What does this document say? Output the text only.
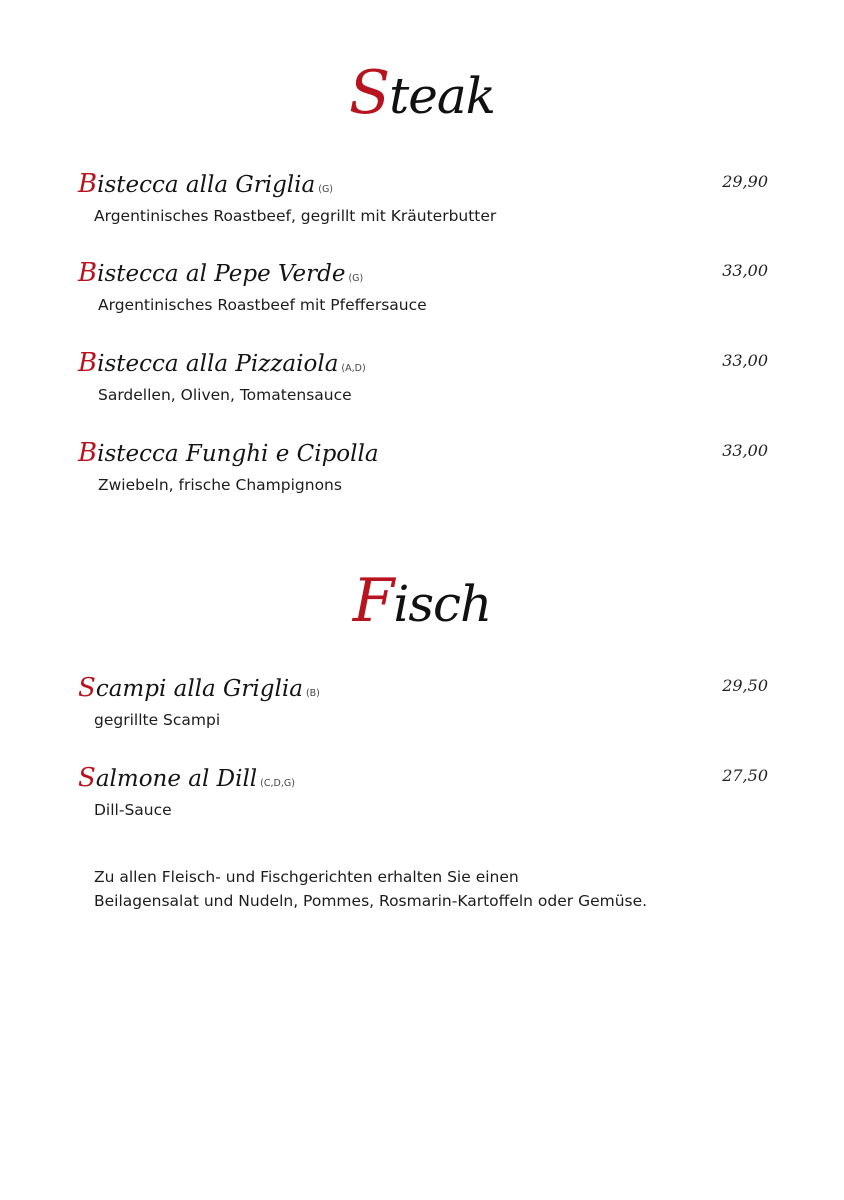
Steak
Bistecca alla Griglia (G)	29,90
Argentinisches Roastbeef, gegrillt mit Kräuterbutter
Bistecca al Pepe Verde (G)	33,00
Argentinisches Roastbeef mit Pfeffersauce
Bistecca alla Pizzaiola (A,D)	33,00
Sardellen, Oliven, Tomatensauce
Bistecca Funghi e Cipolla	33,00
Zwiebeln, frische Champignons
Fisch
Scampi alla Griglia (B)	29,50
gegrillte Scampi
Salmone al Dill (C,D,G)	27,50
Dill-Sauce
Zu allen Fleisch- und Fischgerichten erhalten Sie einen
Beilagensalat und Nudeln, Pommes, Rosmarin-Kartoffeln oder Gemüse.
